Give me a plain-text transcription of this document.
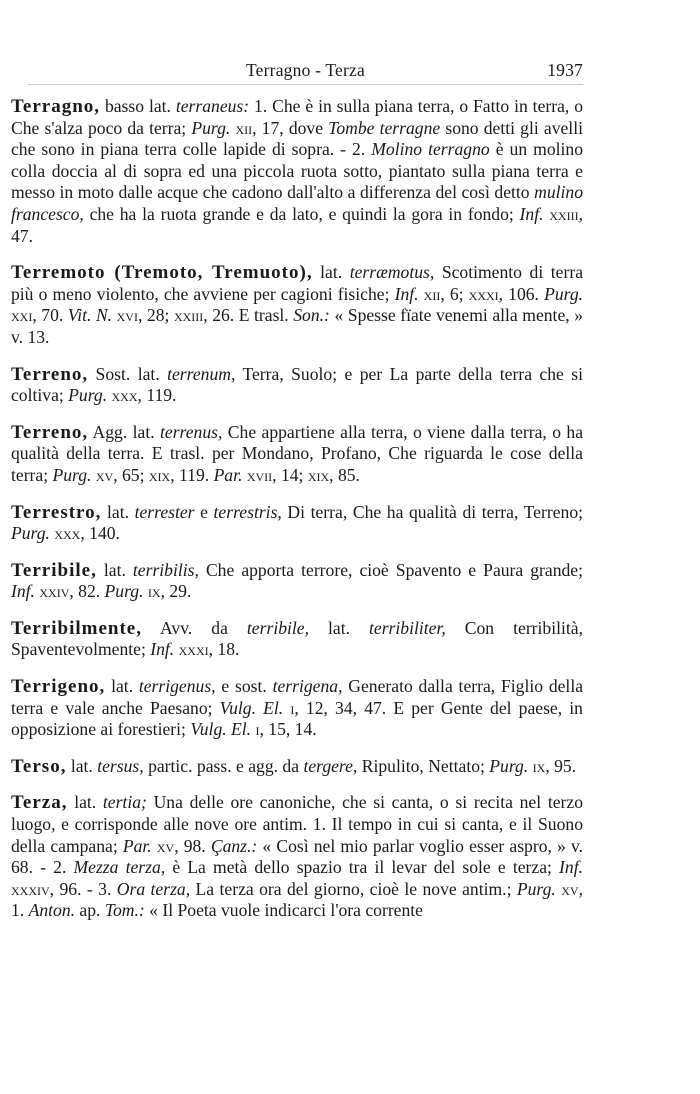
Terragno - Terza	1937

Terragno, basso lat. terraneus: 1. Che è in sulla piana terra, o Fatto in terra, o Che s'alza poco da terra; Purg. xii, 17, dove Tombe terragne sono detti gli avelli che sono in piana terra colle lapide di sopra. - 2. Molino terragno è un molino colla doccia al di sopra ed una piccola ruota sotto, piantato sulla piana terra e messo in moto dalle acque che cadono dall'alto a differenza del così detto mulino francesco, che ha la ruota grande e da lato, e quindi la gora in fondo; Inf. xxiii, 47.

Terremoto (Tremoto, Tremuoto), lat. terræmotus, Scotimento di terra più o meno violento, che avviene per cagioni fisiche; Inf. xii, 6; xxxi, 106. Purg. xxi, 70. Vit. N. xvi, 28; xxiii, 26. E trasl. Son.: « Spesse fïate venemi alla mente, » v. 13.

Terreno, Sost. lat. terrenum, Terra, Suolo; e per La parte della terra che si coltiva; Purg. xxx, 119.

Terreno, Agg. lat. terrenus, Che appartiene alla terra, o viene dalla terra, o ha qualità della terra. E trasl. per Mondano, Profano, Che riguarda le cose della terra; Purg. xv, 65; xix, 119. Par. xvii, 14; xix, 85.

Terrestro, lat. terrester e terrestris, Di terra, Che ha qualità di terra, Terreno; Purg. xxx, 140.

Terribile, lat. terribilis, Che apporta terrore, cioè Spavento e Paura grande; Inf. xxiv, 82. Purg. ix, 29.

Terribilmente, Avv. da terribile, lat. terribiliter, Con terribilità, Spaventevolmente; Inf. xxxi, 18.

Terrigeno, lat. terrigenus, e sost. terrigena, Generato dalla terra, Figlio della terra e vale anche Paesano; Vulg. El. i, 12, 34, 47. E per Gente del paese, in opposizione ai forestieri; Vulg. El. i, 15, 14.

Terso, lat. tersus, partic. pass. e agg. da tergere, Ripulito, Nettato; Purg. ix, 95.

Terza, lat. tertia; Una delle ore canoniche, che si canta, o si recita nel terzo luogo, e corrisponde alle nove ore antim. 1. Il tempo in cui si canta, e il Suono della campana; Par. xv, 98. Çanz.: « Così nel mio parlar voglio esser aspro, » v. 68. - 2. Mezza terza, è La metà dello spazio tra il levar del sole e terza; Inf. xxxiv, 96. - 3. Ora terza, La terza ora del giorno, cioè le nove antim.; Purg. xv, 1. Anton. ap. Tom.: « Il Poeta vuole indicarci l'ora corrente
